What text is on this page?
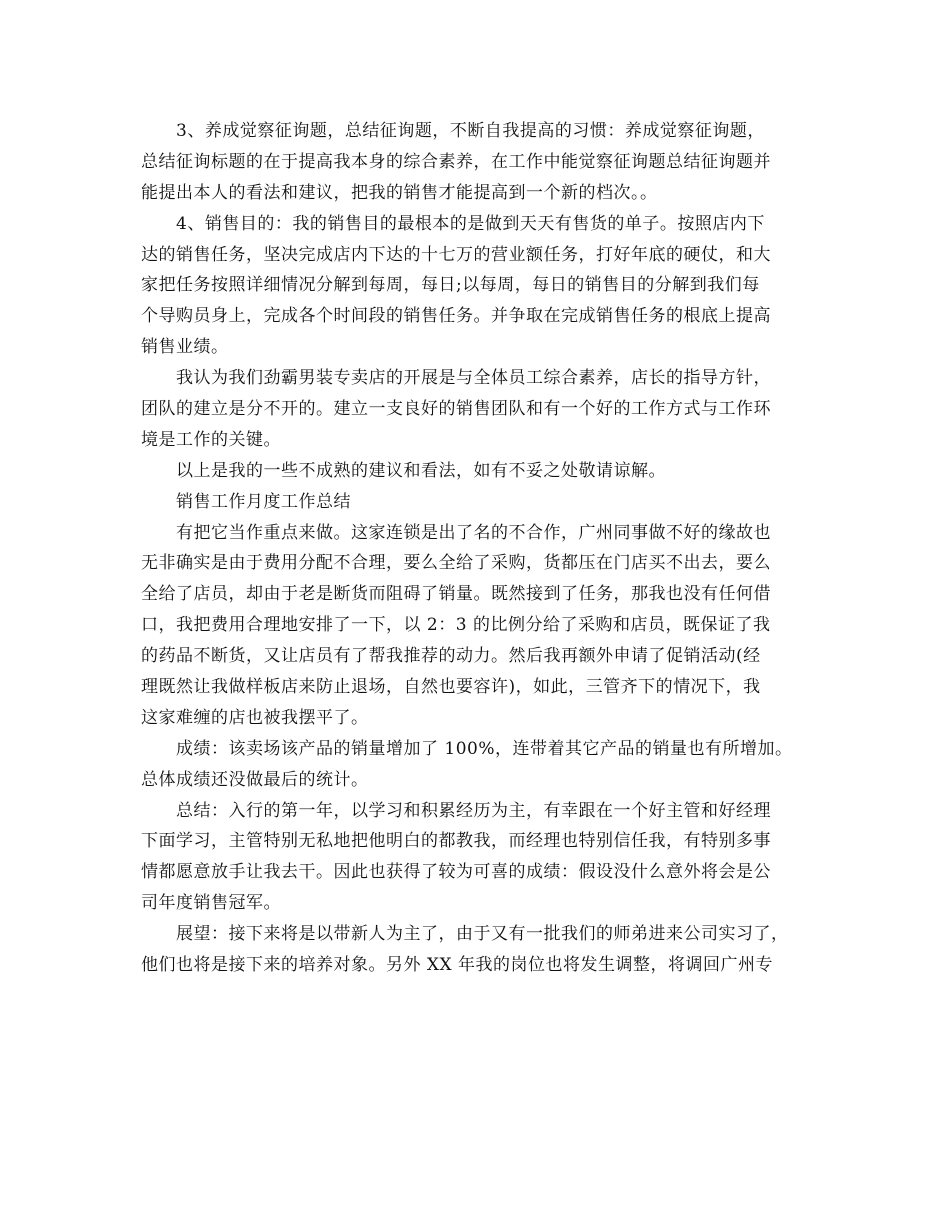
3、养成觉察征询题，总结征询题，不断自我提高的习惯：养成觉察征询题，
总结征询标题的在于提高我本身的综合素养，在工作中能觉察征询题总结征询题并
能提出本人的看法和建议，把我的销售才能提高到一个新的档次。。
4、销售目的：我的销售目的最根本的是做到天天有售货的单子。按照店内下
达的销售任务，坚决完成店内下达的十七万的营业额任务，打好年底的硬仗，和大
家把任务按照详细情况分解到每周，每日;以每周，每日的销售目的分解到我们每
个导购员身上，完成各个时间段的销售任务。并争取在完成销售任务的根底上提高
销售业绩。
我认为我们劲霸男装专卖店的开展是与全体员工综合素养，店长的指导方针，
团队的建立是分不开的。建立一支良好的销售团队和有一个好的工作方式与工作环
境是工作的关键。
以上是我的一些不成熟的建议和看法，如有不妥之处敬请谅解。
销售工作月度工作总结
有把它当作重点来做。这家连锁是出了名的不合作，广州同事做不好的缘故也
无非确实是由于费用分配不合理，要么全给了采购，货都压在门店买不出去，要么
全给了店员，却由于老是断货而阻碍了销量。既然接到了任务，那我也没有任何借
口，我把费用合理地安排了一下，以 2：3 的比例分给了采购和店员，既保证了我
的药品不断货，又让店员有了帮我推荐的动力。然后我再额外申请了促销活动(经
理既然让我做样板店来防止退场，自然也要容许)，如此，三管齐下的情况下，我
这家难缠的店也被我摆平了。
成绩：该卖场该产品的销量增加了 100%，连带着其它产品的销量也有所增加。
总体成绩还没做最后的统计。
总结：入行的第一年，以学习和积累经历为主，有幸跟在一个好主管和好经理
下面学习，主管特别无私地把他明白的都教我，而经理也特别信任我，有特别多事
情都愿意放手让我去干。因此也获得了较为可喜的成绩：假设没什么意外将会是公
司年度销售冠军。
展望：接下来将是以带新人为主了，由于又有一批我们的师弟进来公司实习了，
他们也将是接下来的培养对象。另外 XX 年我的岗位也将发生调整，将调回广州专
